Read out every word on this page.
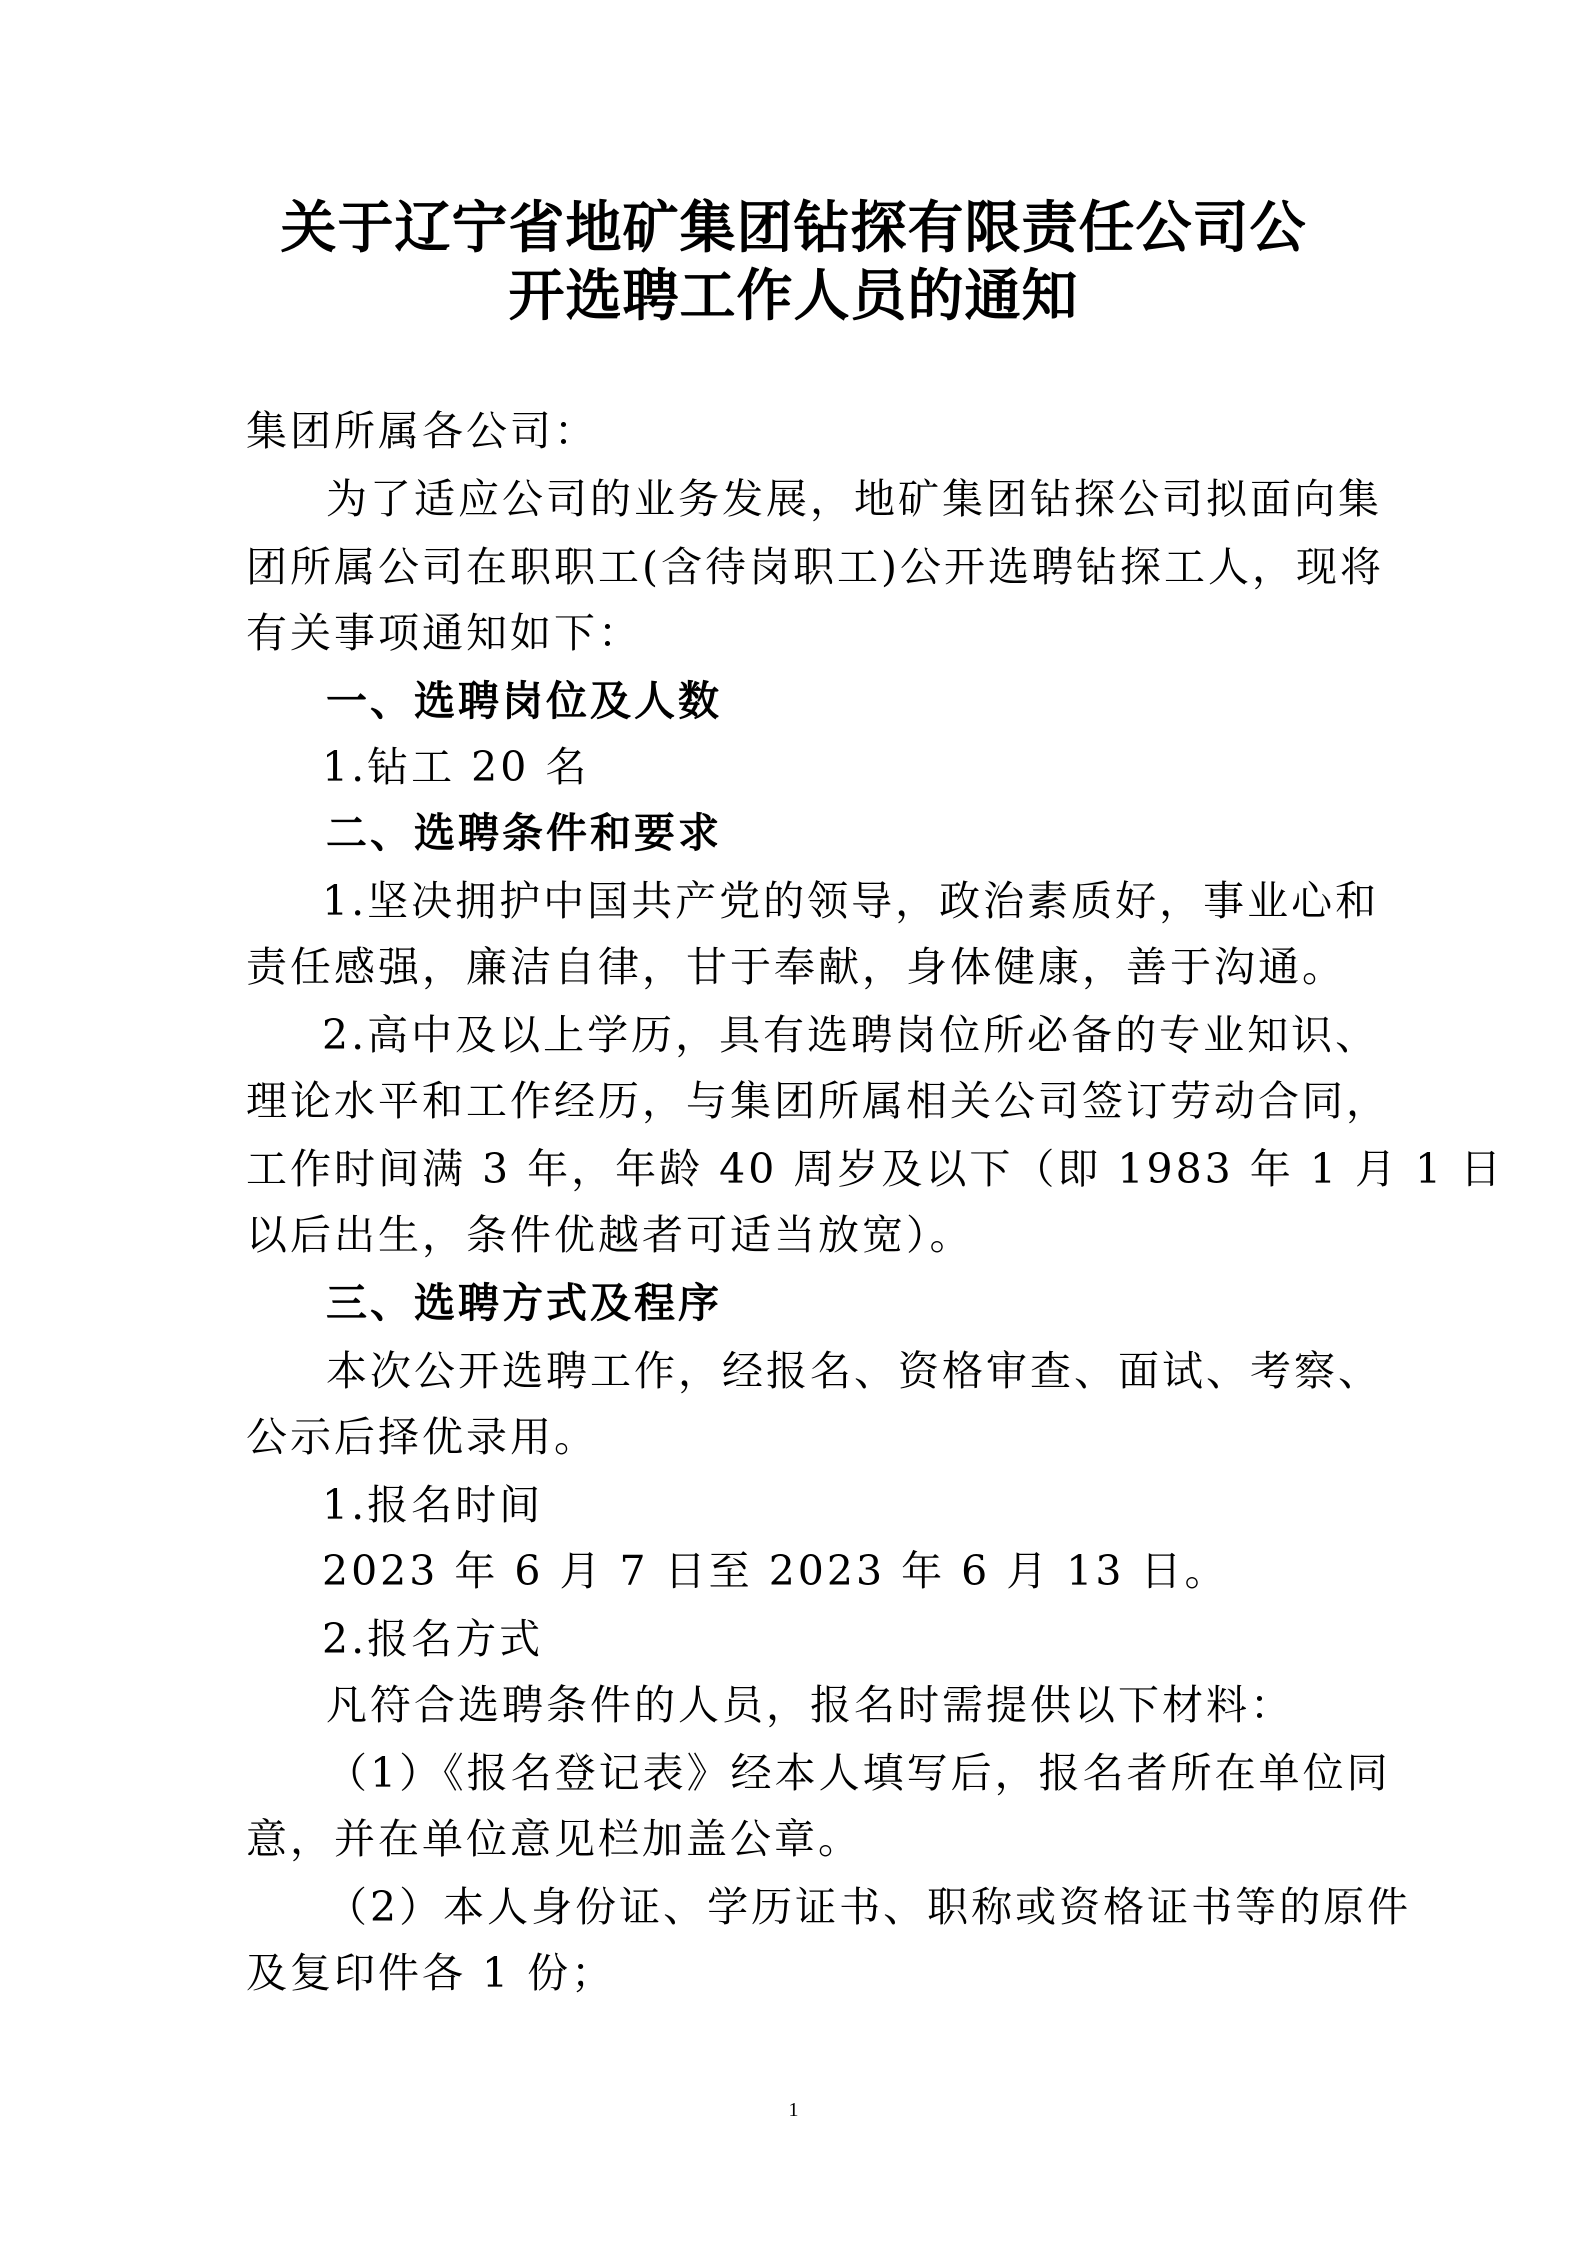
关于辽宁省地矿集团钻探有限责任公司公
开选聘工作人员的通知
集团所属各公司：
为了适应公司的业务发展，地矿集团钻探公司拟面向集
团所属公司在职职工(含待岗职工)公开选聘钻探工人，现将
有关事项通知如下：
一、选聘岗位及人数
1.钻工 20 名
二、选聘条件和要求
1.坚决拥护中国共产党的领导，政治素质好，事业心和
责任感强，廉洁自律，甘于奉献，身体健康，善于沟通。
2.高中及以上学历，具有选聘岗位所必备的专业知识、
理论水平和工作经历，与集团所属相关公司签订劳动合同，
工作时间满 3 年，年龄 40 周岁及以下（即 1983 年 1 月 1 日
以后出生，条件优越者可适当放宽）。
三、选聘方式及程序
本次公开选聘工作，经报名、资格审查、面试、考察、
公示后择优录用。
1.报名时间
2023 年 6 月 7 日至 2023 年 6 月 13 日。
2.报名方式
凡符合选聘条件的人员，报名时需提供以下材料：
（1）《报名登记表》经本人填写后，报名者所在单位同
意，并在单位意见栏加盖公章。
（2）本人身份证、学历证书、职称或资格证书等的原件
及复印件各 1 份；
1
